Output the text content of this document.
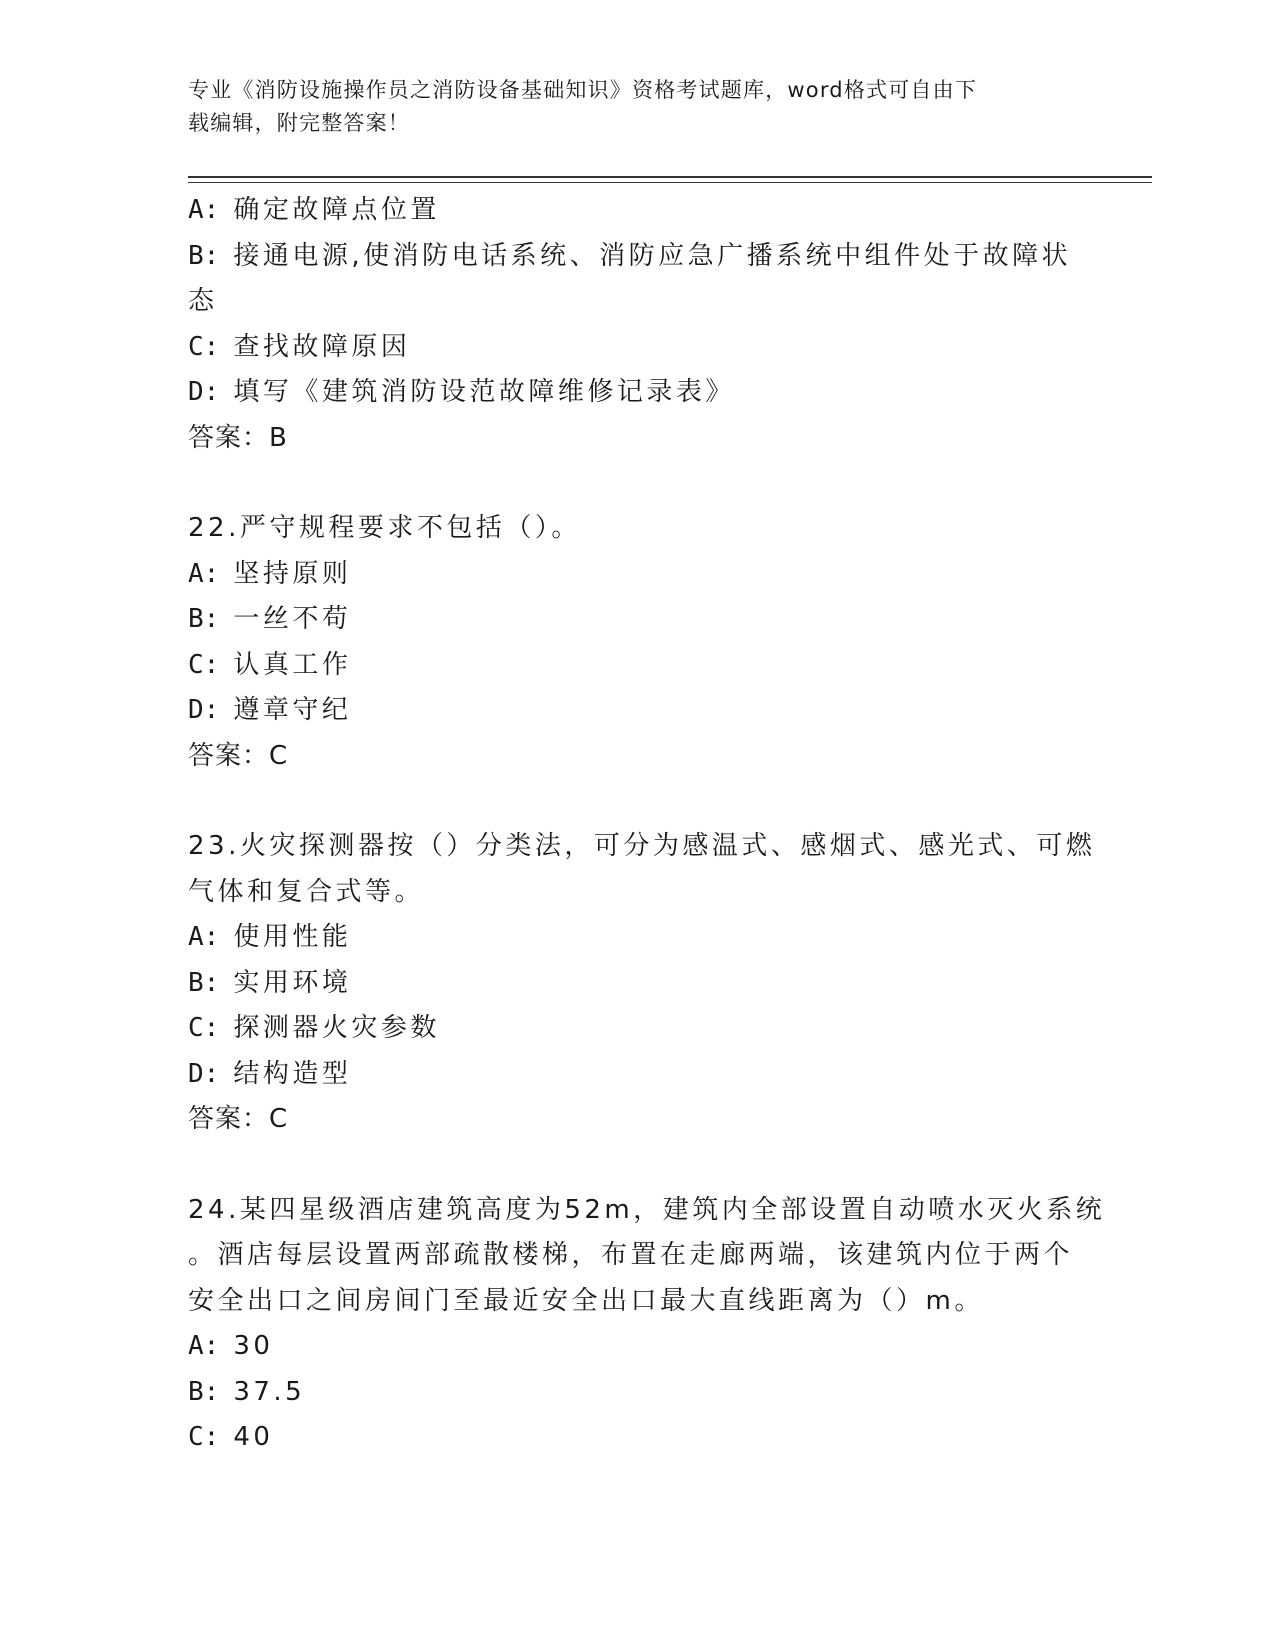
专业《消防设施操作员之消防设备基础知识》资格考试题库，word格式可自由下
载编辑，附完整答案！
A: 确定故障点位置
B: 接通电源,使消防电话系统、消防应急广播系统中组件处于故障状
态
C: 查找故障原因
D: 填写《建筑消防设范故障维修记录表》
答案：B
22.严守规程要求不包括（）。
A: 坚持原则
B: 一丝不苟
C: 认真工作
D: 遵章守纪
答案：C
23.火灾探测器按（）分类法，可分为感温式、感烟式、感光式、可燃
气体和复合式等。
A: 使用性能
B: 实用环境
C: 探测器火灾参数
D: 结构造型
答案：C
24.某四星级酒店建筑高度为52m，建筑内全部设置自动喷水灭火系统
。酒店每层设置两部疏散楼梯，布置在走廊两端，该建筑内位于两个
安全出口之间房间门至最近安全出口最大直线距离为（）m。
A: 30
B: 37.5
C: 40
